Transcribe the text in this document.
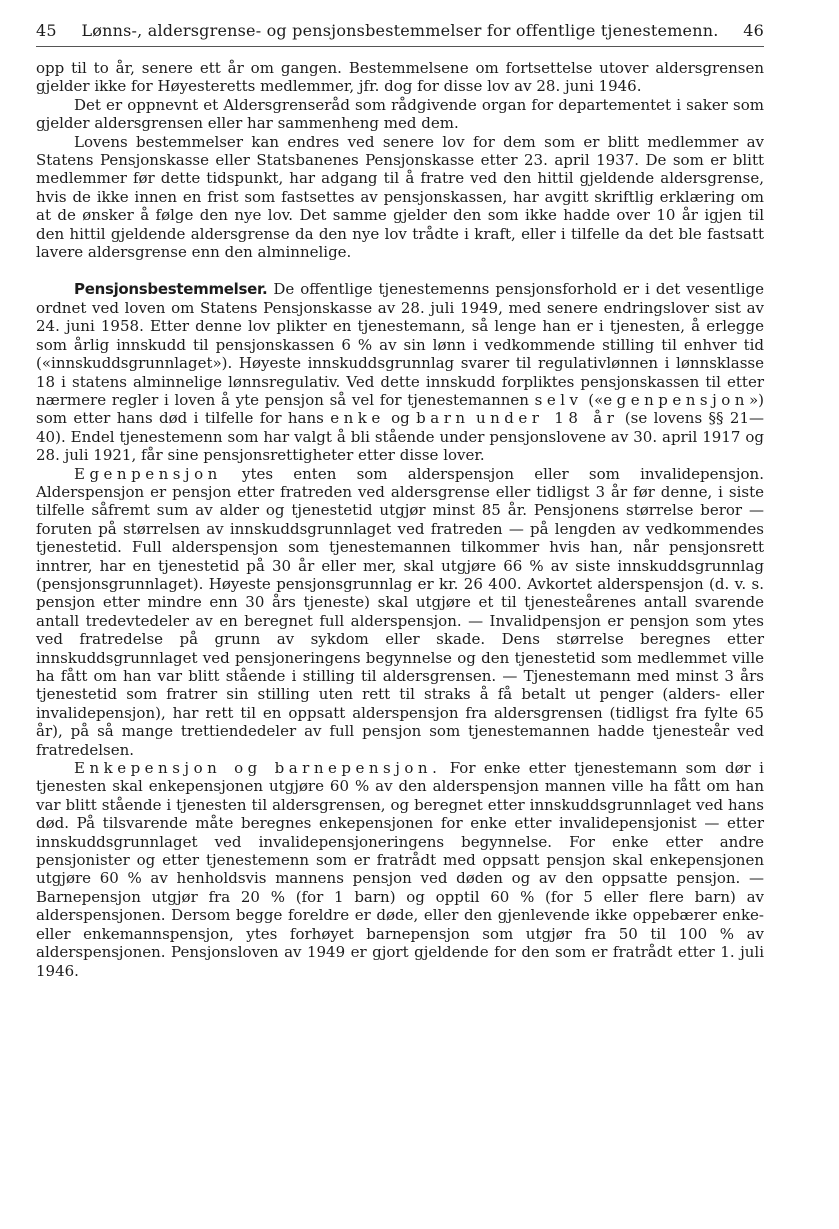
45 Lønns-, aldersgrense- og pensjonsbestemmelser for offentlige tjenestemenn. 46

opp til to år, senere ett år om gangen. Bestemmelsene om fortsettelse utover aldersgrensen gjelder ikke for Høyesteretts medlemmer, jfr. dog for disse lov av 28. juni 1946.

Det er oppnevnt et Aldersgrenseråd som rådgivende organ for departementet i saker som gjelder aldersgrensen eller har sammenheng med dem.

Lovens bestemmelser kan endres ved senere lov for dem som er blitt medlemmer av Statens Pensjonskasse eller Statsbanenes Pensjonskasse etter 23. april 1937. De som er blitt medlemmer før dette tidspunkt, har adgang til å fratre ved den hittil gjeldende aldersgrense, hvis de ikke innen en frist som fastsettes av pensjonskassen, har avgitt skriftlig erklæring om at de ønsker å følge den nye lov. Det samme gjelder den som ikke hadde over 10 år igjen til den hittil gjeldende aldersgrense da den nye lov trådte i kraft, eller i tilfelle da det ble fastsatt lavere aldersgrense enn den alminnelige.

Pensjonsbestemmelser. De offentlige tjenestemenns pensjonsforhold er i det vesentlige ordnet ved loven om Statens Pensjonskasse av 28. juli 1949, med senere endringslover sist av 24. juni 1958. Etter denne lov plikter en tjenestemann, så lenge han er i tjenesten, å erlegge som årlig innskudd til pensjonskassen 6 % av sin lønn i vedkommende stilling til enhver tid («innskuddsgrunnlaget»). Høyeste innskuddsgrunnlag svarer til regulativlønnen i lønnsklasse 18 i statens alminnelige lønnsregulativ. Ved dette innskudd forpliktes pensjonskassen til etter nærmere regler i loven å yte pensjon så vel for tjenestemannen selv («egenpensjon») som etter hans død i tilfelle for hans enke og barn under 18 år (se lovens §§ 21—40). Endel tjenestemenn som har valgt å bli stående under pensjonslovene av 30. april 1917 og 28. juli 1921, får sine pensjonsrettigheter etter disse lover.

Egenpensjon ytes enten som alderspensjon eller som invalidepensjon. Alderspensjon er pensjon etter fratreden ved aldersgrense eller tidligst 3 år før denne, i siste tilfelle såfremt sum av alder og tjenestetid utgjør minst 85 år. Pensjonens størrelse beror — foruten på størrelsen av innskuddsgrunnlaget ved fratreden — på lengden av vedkommendes tjenestetid. Full alderspensjon som tjenestemannen tilkommer hvis han, når pensjonsrett inntrer, har en tjenestetid på 30 år eller mer, skal utgjøre 66 % av siste innskuddsgrunnlag (pensjonsgrunnlaget). Høyeste pensjonsgrunnlag er kr. 26 400. Avkortet alderspensjon (d. v. s. pensjon etter mindre enn 30 års tjeneste) skal utgjøre et til tjenesteårenes antall svarende antall tredevtedeler av en beregnet full alderspensjon. — Invalidpensjon er pensjon som ytes ved fratredelse på grunn av sykdom eller skade. Dens størrelse beregnes etter innskuddsgrunnlaget ved pensjoneringens begynnelse og den tjenestetid som medlemmet ville ha fått om han var blitt stående i stilling til aldersgrensen. — Tjenestemann med minst 3 års tjenestetid som fratrer sin stilling uten rett til straks å få betalt ut penger (alders- eller invalidepensjon), har rett til en oppsatt alderspensjon fra aldersgrensen (tidligst fra fylte 65 år), på så mange trettiendedeler av full pensjon som tjenestemannen hadde tjenesteår ved fratredelsen.

Enkepensjon og barnepensjon. For enke etter tjenestemann som dør i tjenesten skal enkepensjonen utgjøre 60 % av den alderspensjon mannen ville ha fått om han var blitt stående i tjenesten til aldersgrensen, og beregnet etter innskuddsgrunnlaget ved hans død. På tilsvarende måte beregnes enkepensjonen for enke etter invalidepensjonist — etter innskuddsgrunnlaget ved invalidepensjoneringens begynnelse. For enke etter andre pensjonister og etter tjenestemenn som er fratrådt med oppsatt pensjon skal enkepensjonen utgjøre 60 % av henholdsvis mannens pensjon ved døden og av den oppsatte pensjon. — Barnepensjon utgjør fra 20 % (for 1 barn) og opptil 60 % (for 5 eller flere barn) av alderspensjonen. Dersom begge foreldre er døde, eller den gjenlevende ikke oppebærer enke- eller enkemannspensjon, ytes forhøyet barnepensjon som utgjør fra 50 til 100 % av alderspensjonen. Pensjonsloven av 1949 er gjort gjeldende for den som er fratrådt etter 1. juli 1946.
